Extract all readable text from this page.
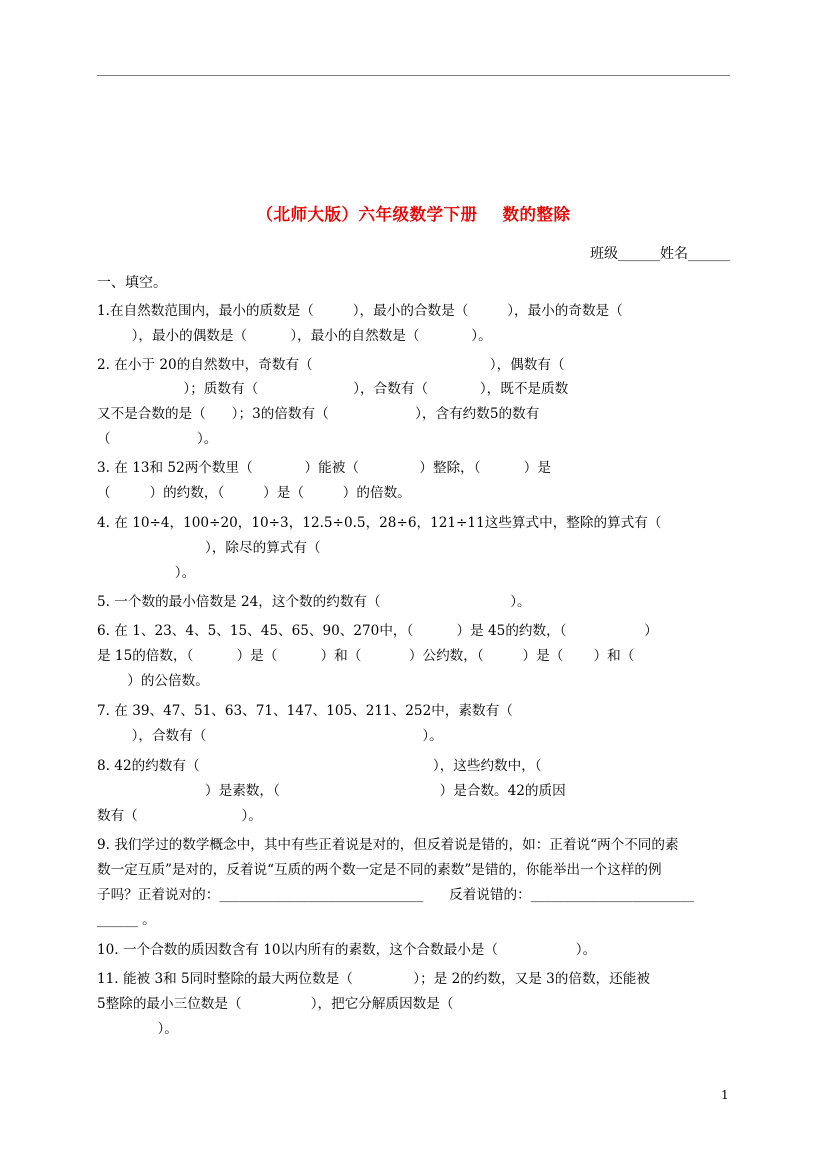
（北师大版）六年级数学下册    数的整除
班级______姓名______
一、填空。
1.在自然数范围内，最小的质数是（         ），最小的合数是（         ），最小的奇数是（
），最小的偶数是（          ），最小的自然数是（            ）。
2. 在小于 20的自然数中，奇数有（                                         ），偶数有（
）；质数有（                      ），合数有（            ），既不是质数
又不是合数的是（      ）；3的倍数有（                    ），含有约数5的数有
（                    ）。
3. 在 13和 52两个数里（            ）能被（              ）整除，（          ）是
（         ）的约数，（         ）是（         ）的倍数。
4. 在 10÷4，100÷20，10÷3，12.5÷0.5，28÷6，121÷11这些算式中，整除的算式有（
），除尽的算式有（
）。
5. 一个数的最小倍数是 24，这个数的约数有（                              ）。
6. 在 1、23、4、5、15、45、65、90、270中，（          ）是 45的约数，（                  ）
是 15的倍数，（          ）是（          ）和（           ）公约数，（         ）是（       ）和（
）的公倍数。
7. 在 39、47、51、63、71、147、105、211、252中，素数有（
），合数有（                                                  ）。
8. 42的约数有（                                                      ），这些约数中，（
）是素数，（                                     ）是合数。42的质因
数有（                        ）。
9. 我们学过的数学概念中，其中有些正着说是对的，但反着说是错的，如：正着说“两个不同的素
数一定互质”是对的，反着说“互质的两个数一定是不同的素数”是错的，你能举出一个这样的例
子吗？正着说对的：______________________________      反着说错的：________________________
______ 。
10. 一个合数的质因数含有 10以内所有的素数，这个合数最小是（                  ）。
11. 能被 3和 5同时整除的最大两位数是（              ）；是 2的约数，又是 3的倍数，还能被
5整除的最小三位数是（                ），把它分解质因数是（
）。
1
